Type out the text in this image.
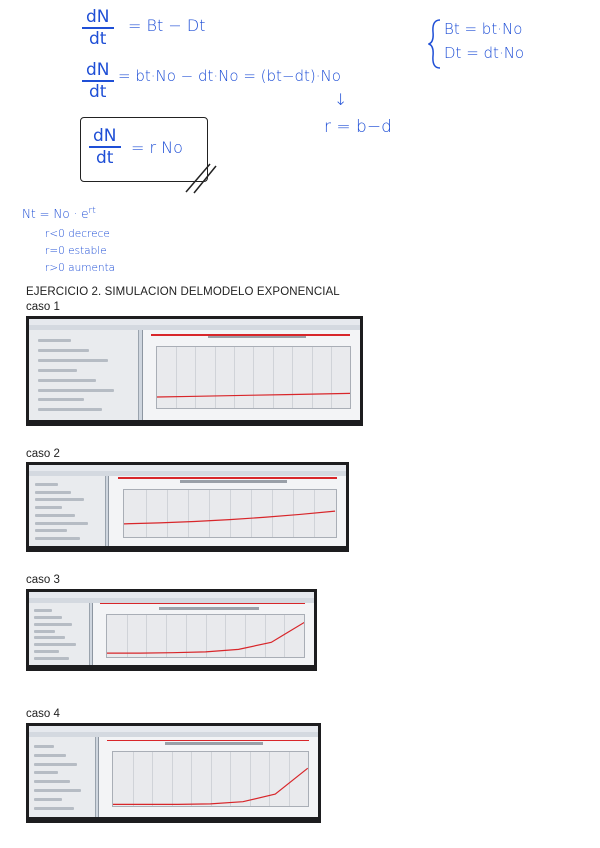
$\frac{dN}{dt} = Bt - Dt$
$\frac{dN}{dt} = bt\cdot No - dt\cdot No = (bt-dt)\cdot No$
↓
r = b−d
$\frac{dN}{dt} = r$ No
Bt = bt·No
Dt = dt·No
$Nt = No \cdot e^{rt}$
r<0 decrece
r=0 estable
r>0 aumenta
EJERCICIO 2. SIMULACION DELMODELO EXPONENCIAL
caso 1
caso 2
caso 3
caso 4
